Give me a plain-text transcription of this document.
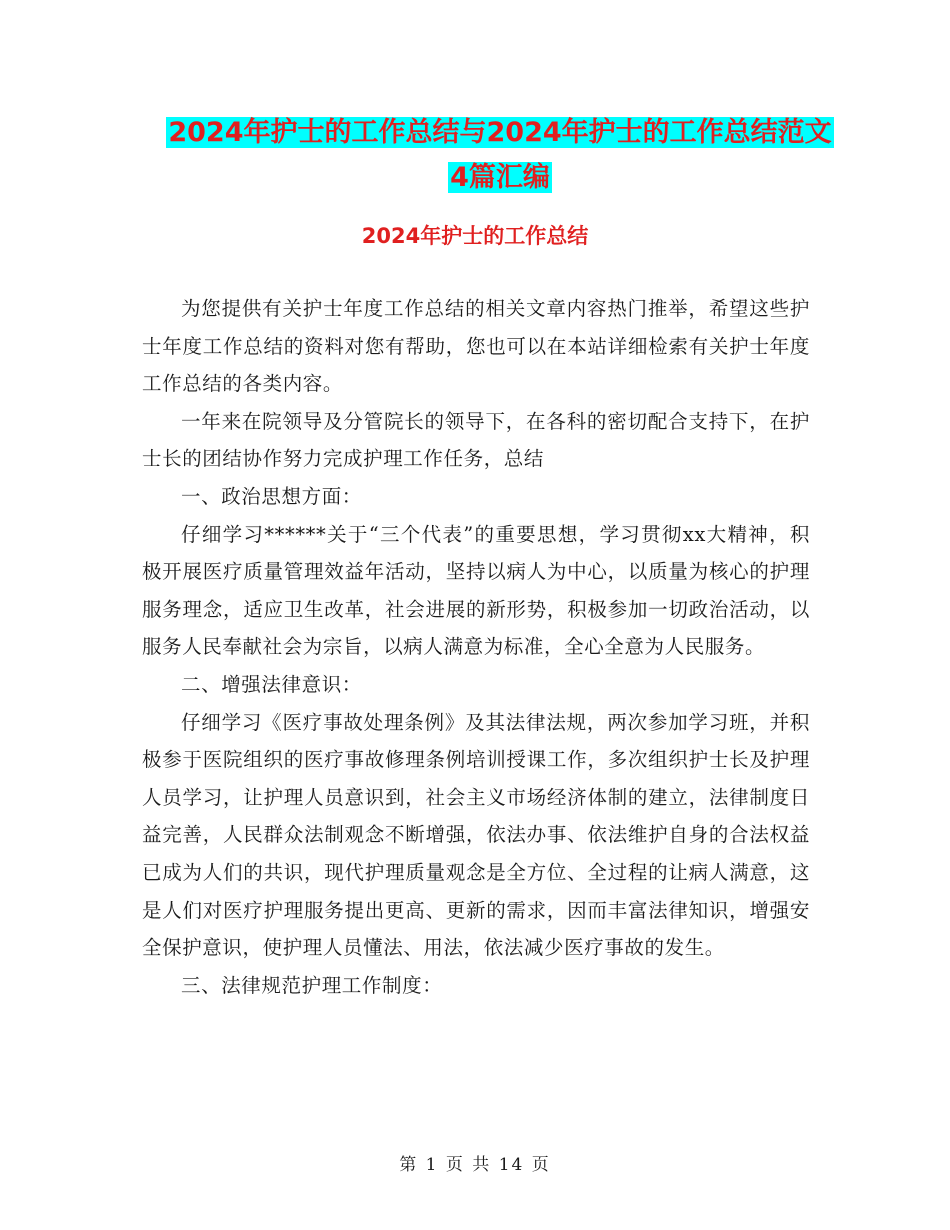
2024年护士的工作总结与2024年护士的工作总结范文
4篇汇编
2024年护士的工作总结

为您提供有关护士年度工作总结的相关文章内容热门推举，希望这些护士年度工作总结的资料对您有帮助，您也可以在本站详细检索有关护士年度工作总结的各类内容。

一年来在院领导及分管院长的领导下，在各科的密切配合支持下，在护士长的团结协作努力完成护理工作任务，总结

一、政治思想方面：

仔细学习******关于“三个代表”的重要思想，学习贯彻xx大精神，积极开展医疗质量管理效益年活动，坚持以病人为中心，以质量为核心的护理服务理念，适应卫生改革，社会进展的新形势，积极参加一切政治活动，以服务人民奉献社会为宗旨，以病人满意为标准，全心全意为人民服务。

二、增强法律意识：

仔细学习《医疗事故处理条例》及其法律法规，两次参加学习班，并积极参于医院组织的医疗事故修理条例培训授课工作，多次组织护士长及护理人员学习，让护理人员意识到，社会主义市场经济体制的建立，法律制度日益完善，人民群众法制观念不断增强，依法办事、依法维护自身的合法权益已成为人们的共识，现代护理质量观念是全方位、全过程的让病人满意，这是人们对医疗护理服务提出更高、更新的需求，因而丰富法律知识，增强安全保护意识，使护理人员懂法、用法，依法减少医疗事故的发生。

三、法律规范护理工作制度：

第 1 页 共 14 页
